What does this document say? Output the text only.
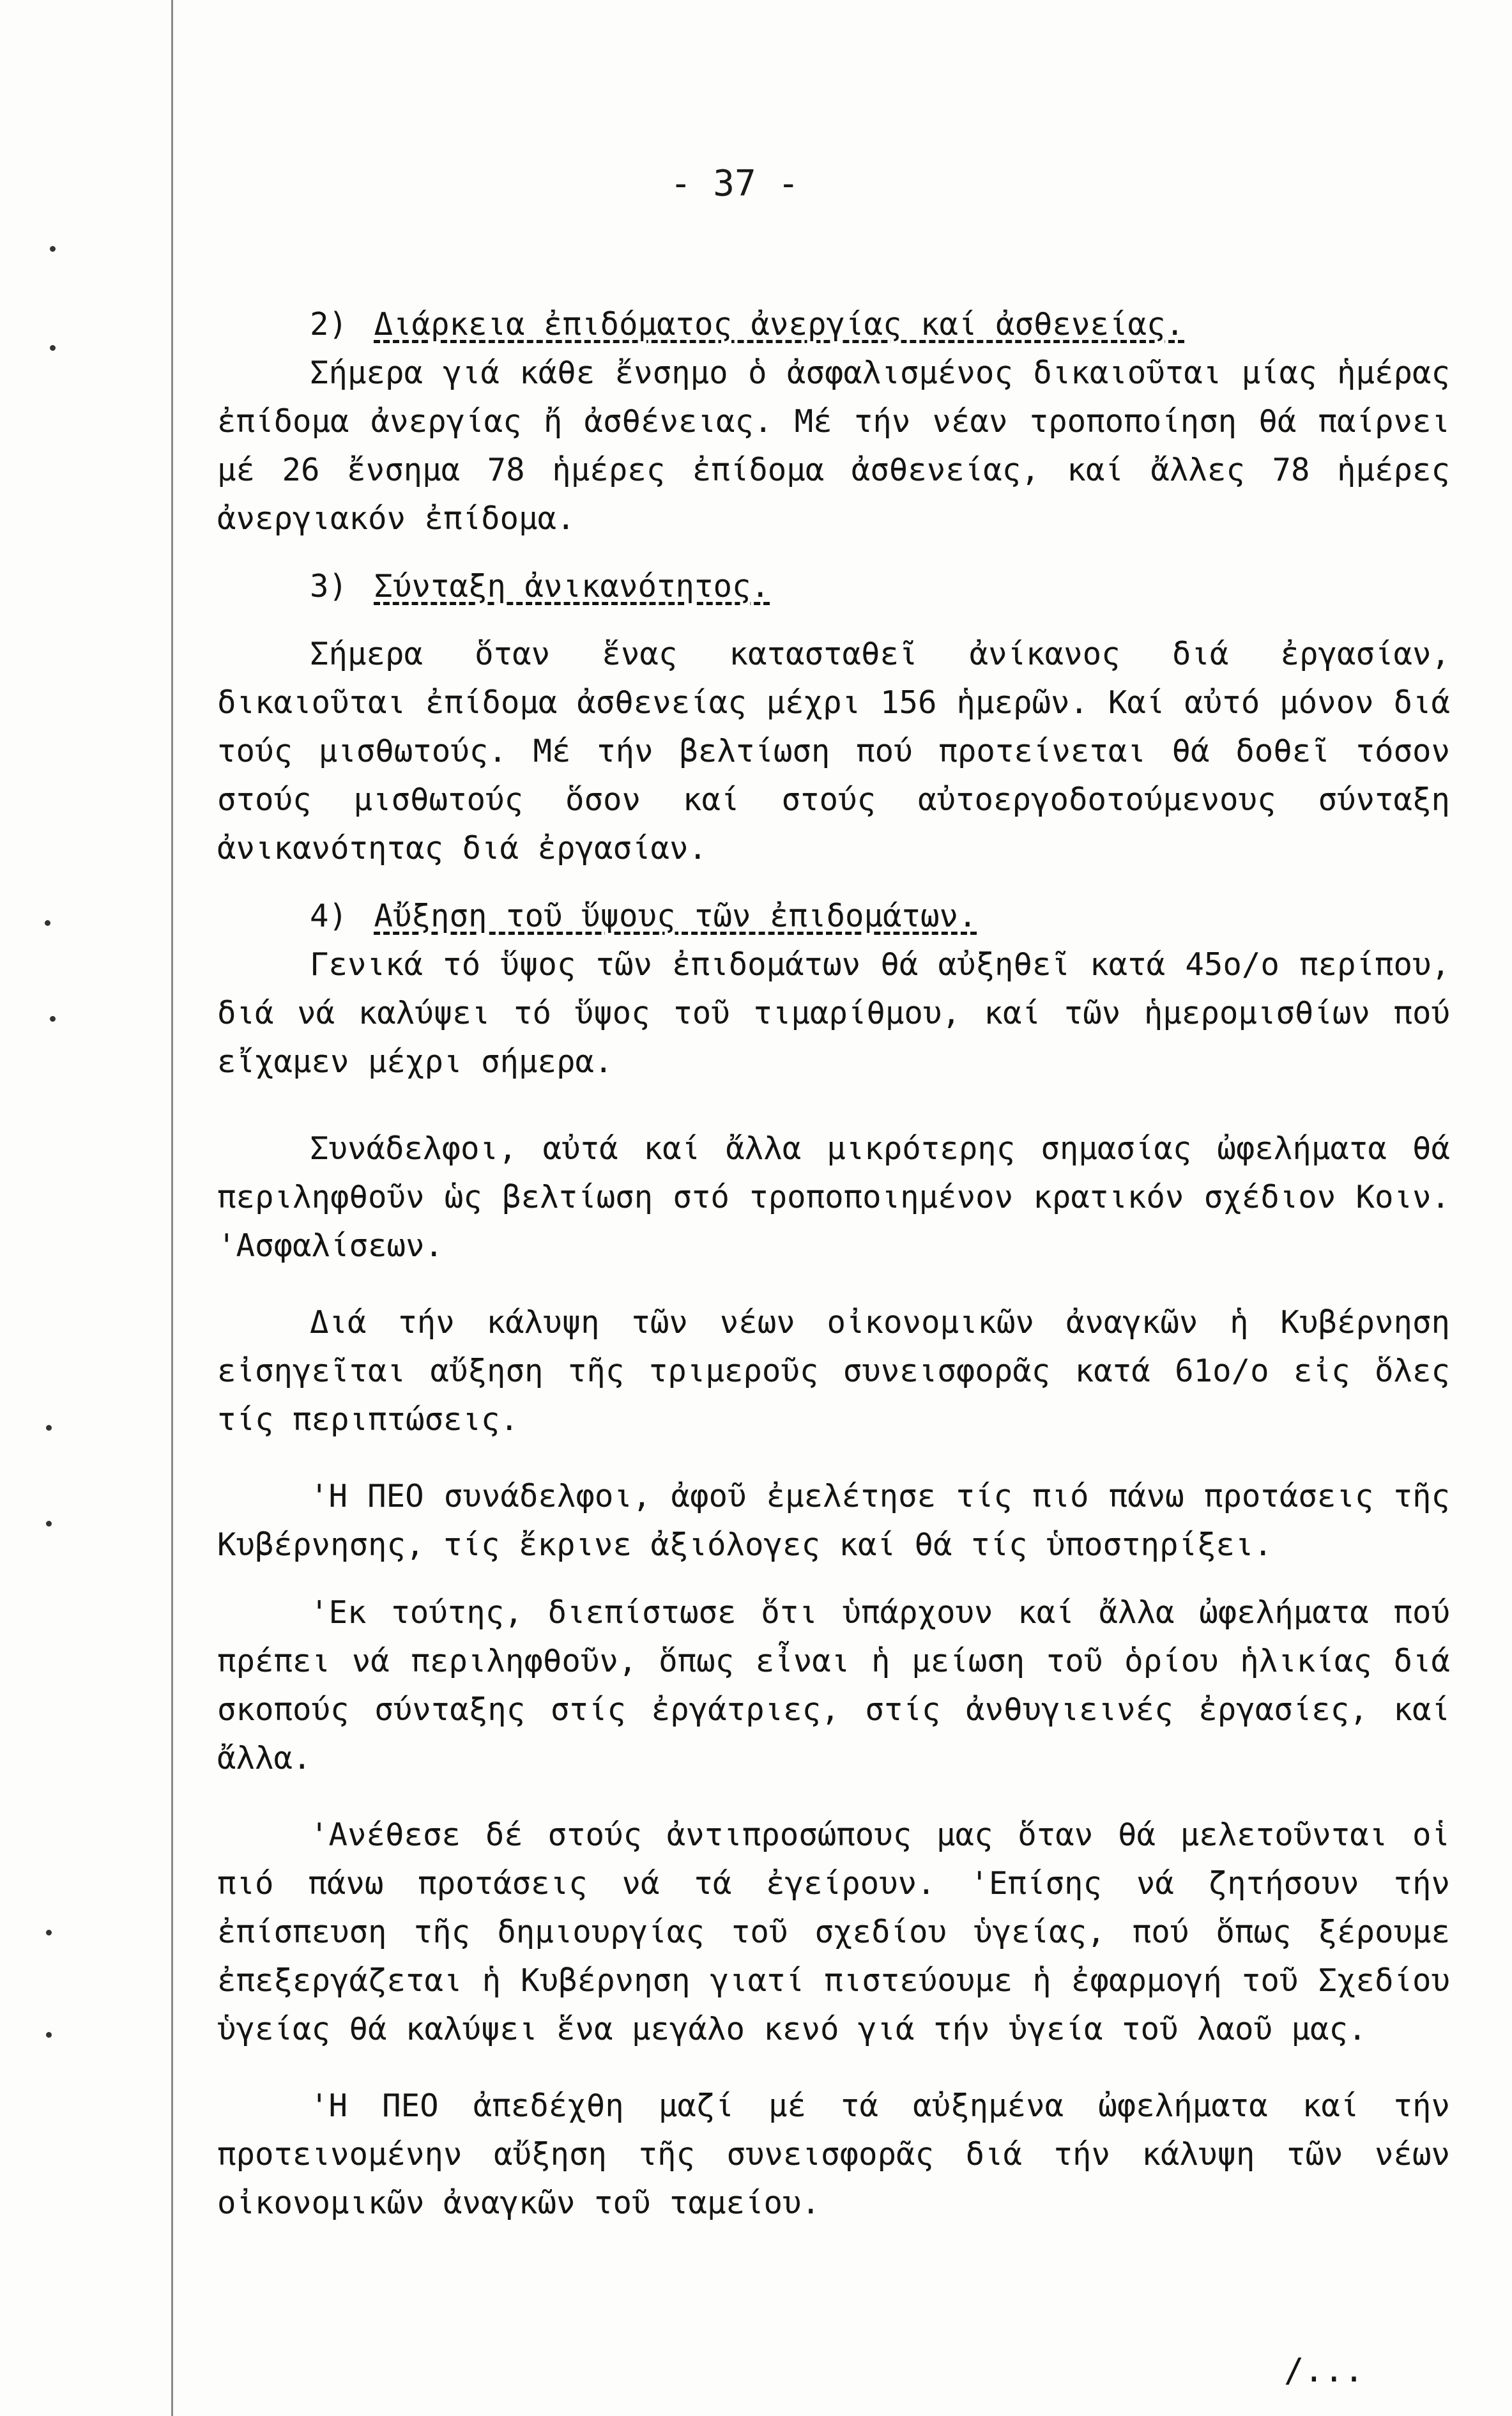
- 37 -

2) Διάρκεια ἐπιδόματος ἀνεργίας καί ἀσθενείας.

Σήμερα γιά κάθε ἔνσημο ὁ ἀσφαλισμένος δικαιοῦται μίας ἡμέρας ἐπίδομα ἀνεργίας ἤ ἀσθένειας. Μέ τήν νέαν τροποποίηση θά παίρνει μέ 26 ἔνσημα 78 ἡμέρες ἐπίδομα ἀσθενείας, καί ἄλλες 78 ἡμέρες ἀνεργιακόν ἐπίδομα.

3) Σύνταξη ἀνικανότητος.

Σήμερα ὅταν ἕνας κατασταθεῖ ἀνίκανος διά ἐργασίαν, δικαιοῦται ἐπίδομα ἀσθενείας μέχρι 156 ἡμερῶν. Καί αὐτό μόνον διά τούς μισθωτούς. Μέ τήν βελτίωση πού προτείνεται θά δοθεῖ τόσον στούς μισθωτούς ὅσον καί στούς αὐτοεργοδοτούμενους σύνταξη ἀνικανότητας διά ἐργασίαν.

4) Αὔξηση τοῦ ὕψους τῶν ἐπιδομάτων.

Γενικά τό ὕψος τῶν ἐπιδομάτων θά αὐξηθεῖ κατά 45ο/ο περίπου, διά νά καλύψει τό ὕψος τοῦ τιμαρίθμου, καί τῶν ἡμερομισθίων πού εἴχαμεν μέχρι σήμερα.

Συνάδελφοι, αὐτά καί ἄλλα μικρότερης σημασίας ὠφελήματα θά περιληφθοῦν ὡς βελτίωση στό τροποποιημένον κρατικόν σχέδιον Κοιν. 'Ασφαλίσεων.

Διά τήν κάλυψη τῶν νέων οἰκονομικῶν ἀναγκῶν ἡ Κυβέρνηση εἰσηγεῖται αὔξηση τῆς τριμεροῦς συνεισφορᾶς κατά 61ο/ο εἰς ὅλες τίς περιπτώσεις.

'Η ΠΕΟ συνάδελφοι, ἀφοῦ ἐμελέτησε τίς πιό πάνω προτάσεις τῆς Κυβέρνησης, τίς ἔκρινε ἀξιόλογες καί θά τίς ὑποστηρίξει.

'Εκ τούτης, διεπίστωσε ὅτι ὑπάρχουν καί ἄλλα ὠφελήματα πού πρέπει νά περιληφθοῦν, ὅπως εἶναι ἡ μείωση τοῦ ὁρίου ἡλικίας διά σκοπούς σύνταξης στίς ἐργάτριες, στίς ἀνθυγιεινές ἐργασίες, καί ἄλλα.

'Ανέθεσε δέ στούς ἀντιπροσώπους μας ὅταν θά μελετοῦνται οἱ πιό πάνω προτάσεις νά τά ἐγείρουν. 'Επίσης νά ζητήσουν τήν ἐπίσπευση τῆς δημιουργίας τοῦ σχεδίου ὑγείας, πού ὅπως ξέρουμε ἐπεξεργάζεται ἡ Κυβέρνηση γιατί πιστεύουμε ἡ ἐφαρμογή τοῦ Σχεδίου ὑγείας θά καλύψει ἕνα μεγάλο κενό γιά τήν ὑγεία τοῦ λαοῦ μας.

'Η ΠΕΟ ἀπεδέχθη μαζί μέ τά αὐξημένα ὠφελήματα καί τήν προτεινομένην αὔξηση τῆς συνεισφορᾶς διά τήν κάλυψη τῶν νέων οἰκονομικῶν ἀναγκῶν τοῦ ταμείου.

/...
